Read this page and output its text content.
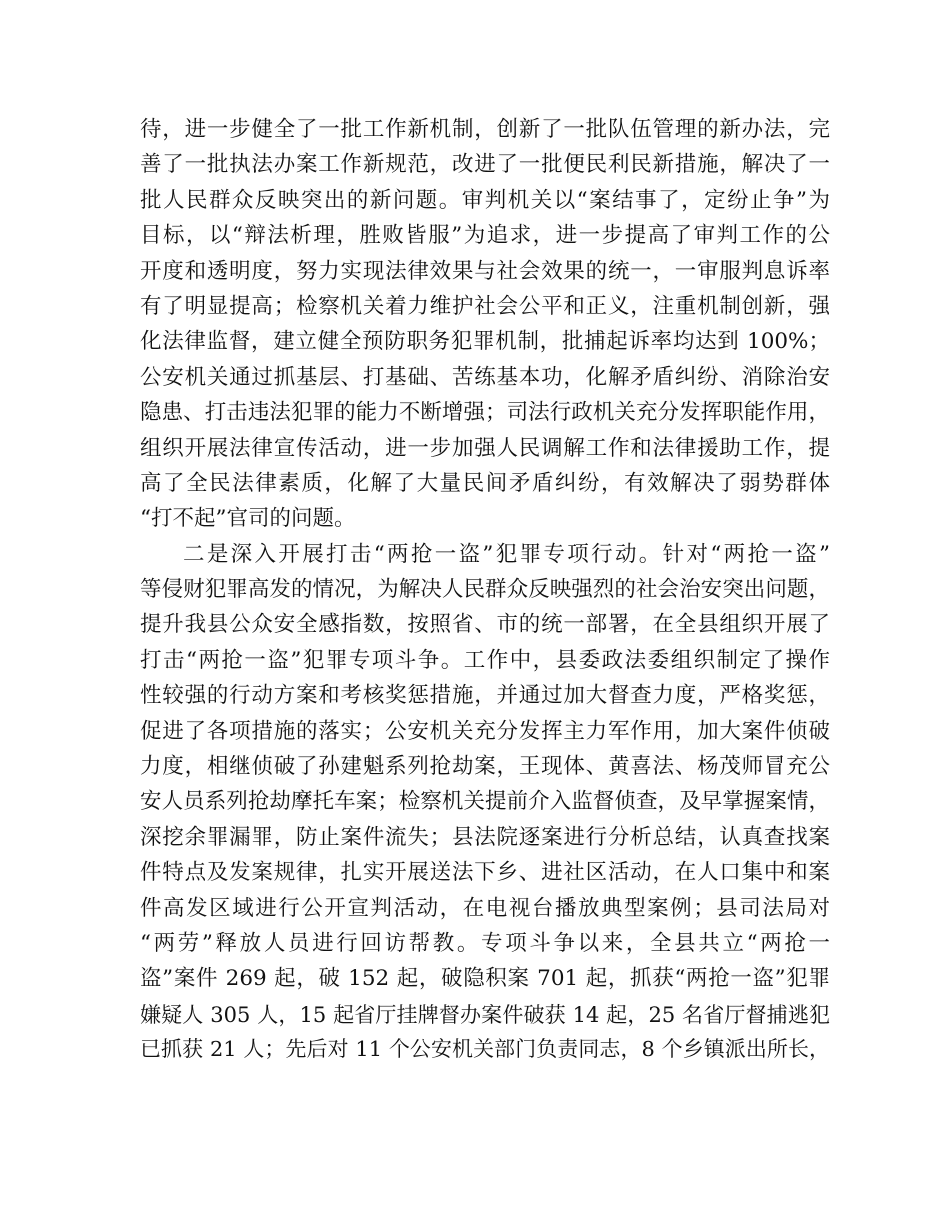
待，进一步健全了一批工作新机制，创新了一批队伍管理的新办法，完
善了一批执法办案工作新规范，改进了一批便民利民新措施，解决了一
批人民群众反映突出的新问题。审判机关以“案结事了，定纷止争”为
目标，以“辩法析理，胜败皆服”为追求，进一步提高了审判工作的公
开度和透明度，努力实现法律效果与社会效果的统一，一审服判息诉率
有了明显提高；检察机关着力维护社会公平和正义，注重机制创新，强
化法律监督，建立健全预防职务犯罪机制，批捕起诉率均达到 100%；
公安机关通过抓基层、打基础、苦练基本功，化解矛盾纠纷、消除治安
隐患、打击违法犯罪的能力不断增强；司法行政机关充分发挥职能作用，
组织开展法律宣传活动，进一步加强人民调解工作和法律援助工作，提
高了全民法律素质，化解了大量民间矛盾纠纷，有效解决了弱势群体
“打不起”官司的问题。
二是深入开展打击“两抢一盗”犯罪专项行动。针对“两抢一盗”
等侵财犯罪高发的情况，为解决人民群众反映强烈的社会治安突出问题，
提升我县公众安全感指数，按照省、市的统一部署，在全县组织开展了
打击“两抢一盗”犯罪专项斗争。工作中，县委政法委组织制定了操作
性较强的行动方案和考核奖惩措施，并通过加大督查力度，严格奖惩，
促进了各项措施的落实；公安机关充分发挥主力军作用，加大案件侦破
力度，相继侦破了孙建魁系列抢劫案，王现体、黄喜法、杨茂师冒充公
安人员系列抢劫摩托车案；检察机关提前介入监督侦查，及早掌握案情，
深挖余罪漏罪，防止案件流失；县法院逐案进行分析总结，认真查找案
件特点及发案规律，扎实开展送法下乡、进社区活动，在人口集中和案
件高发区域进行公开宣判活动，在电视台播放典型案例；县司法局对
“两劳”释放人员进行回访帮教。专项斗争以来，全县共立“两抢一
盗”案件 269 起，破 152 起，破隐积案 701 起，抓获“两抢一盗”犯罪
嫌疑人 305 人，15 起省厅挂牌督办案件破获 14 起，25 名省厅督捕逃犯
已抓获 21 人；先后对 11 个公安机关部门负责同志，8 个乡镇派出所长，
